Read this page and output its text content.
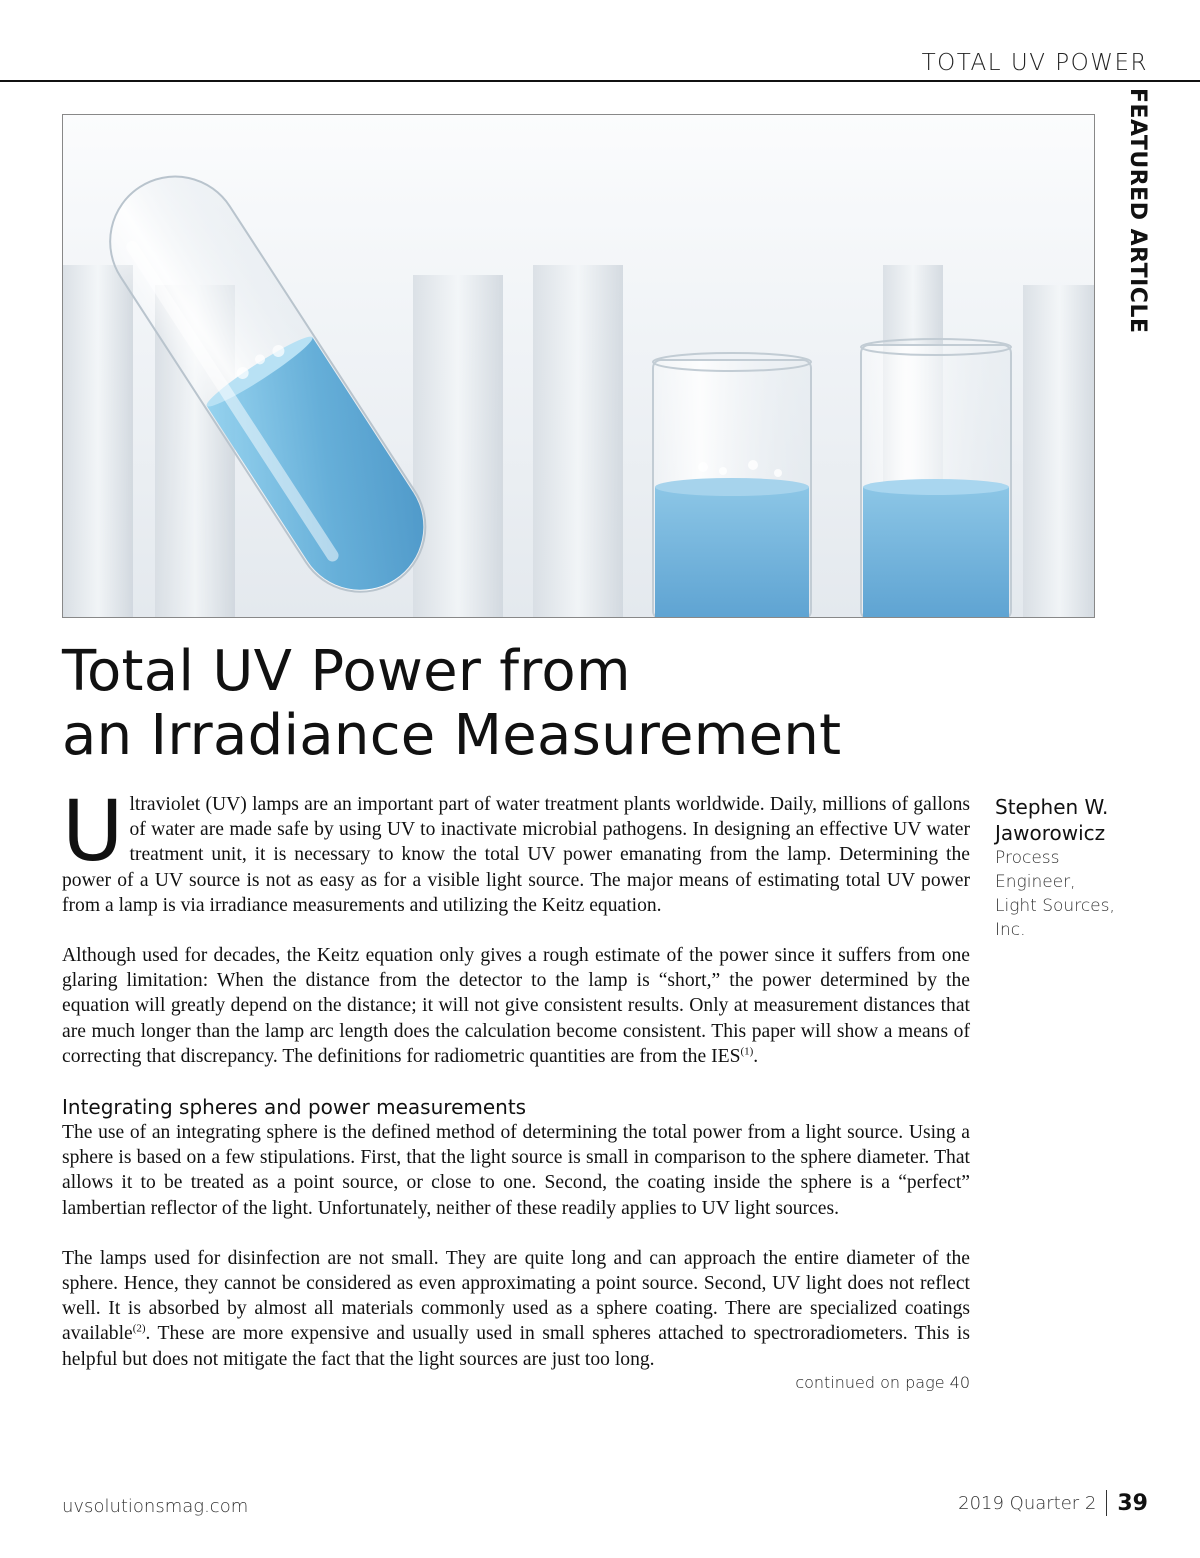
TOTAL UV POWER
FEATURED ARTICLE
Total UV Power from
an Irradiance Measurement

Ultraviolet (UV) lamps are an important part of water treatment plants worldwide. Daily, millions of gallons of water are made safe by using UV to inactivate microbial pathogens. In designing an effective UV water treatment unit, it is necessary to know the total UV power emanating from the lamp. Determining the power of a UV source is not as easy as for a visible light source. The major means of estimating total UV power from a lamp is via irradiance measurements and utilizing the Keitz equation.

Although used for decades, the Keitz equation only gives a rough estimate of the power since it suffers from one glaring limitation: When the distance from the detector to the lamp is “short,” the power determined by the equation will greatly depend on the distance; it will not give consistent results. Only at measurement distances that are much longer than the lamp arc length does the calculation become consistent. This paper will show a means of correcting that discrepancy. The definitions for radiometric quantities are from the IES$^{(1)}$.

Integrating spheres and power measurements

The use of an integrating sphere is the defined method of determining the total power from a light source. Using a sphere is based on a few stipulations. First, that the light source is small in comparison to the sphere diameter. That allows it to be treated as a point source, or close to one. Second, the coating inside the sphere is a “perfect” lambertian reflector of the light. Unfortunately, neither of these readily applies to UV light sources.

The lamps used for disinfection are not small. They are quite long and can approach the entire diameter of the sphere. Hence, they cannot be considered as even approximating a point source. Second, UV light does not reflect well. It is absorbed by almost all materials commonly used as a sphere coating. There are specialized coatings available$^{(2)}$. These are more expensive and usually used in small spheres attached to spectroradiometers. This is helpful but does not mitigate the fact that the light sources are just too long.

continued on page 40

Stephen W.

Jaworowicz

Process

Engineer,

Light Sources,

Inc.

uvsolutionsmag.com	2019 Quarter 2 39
